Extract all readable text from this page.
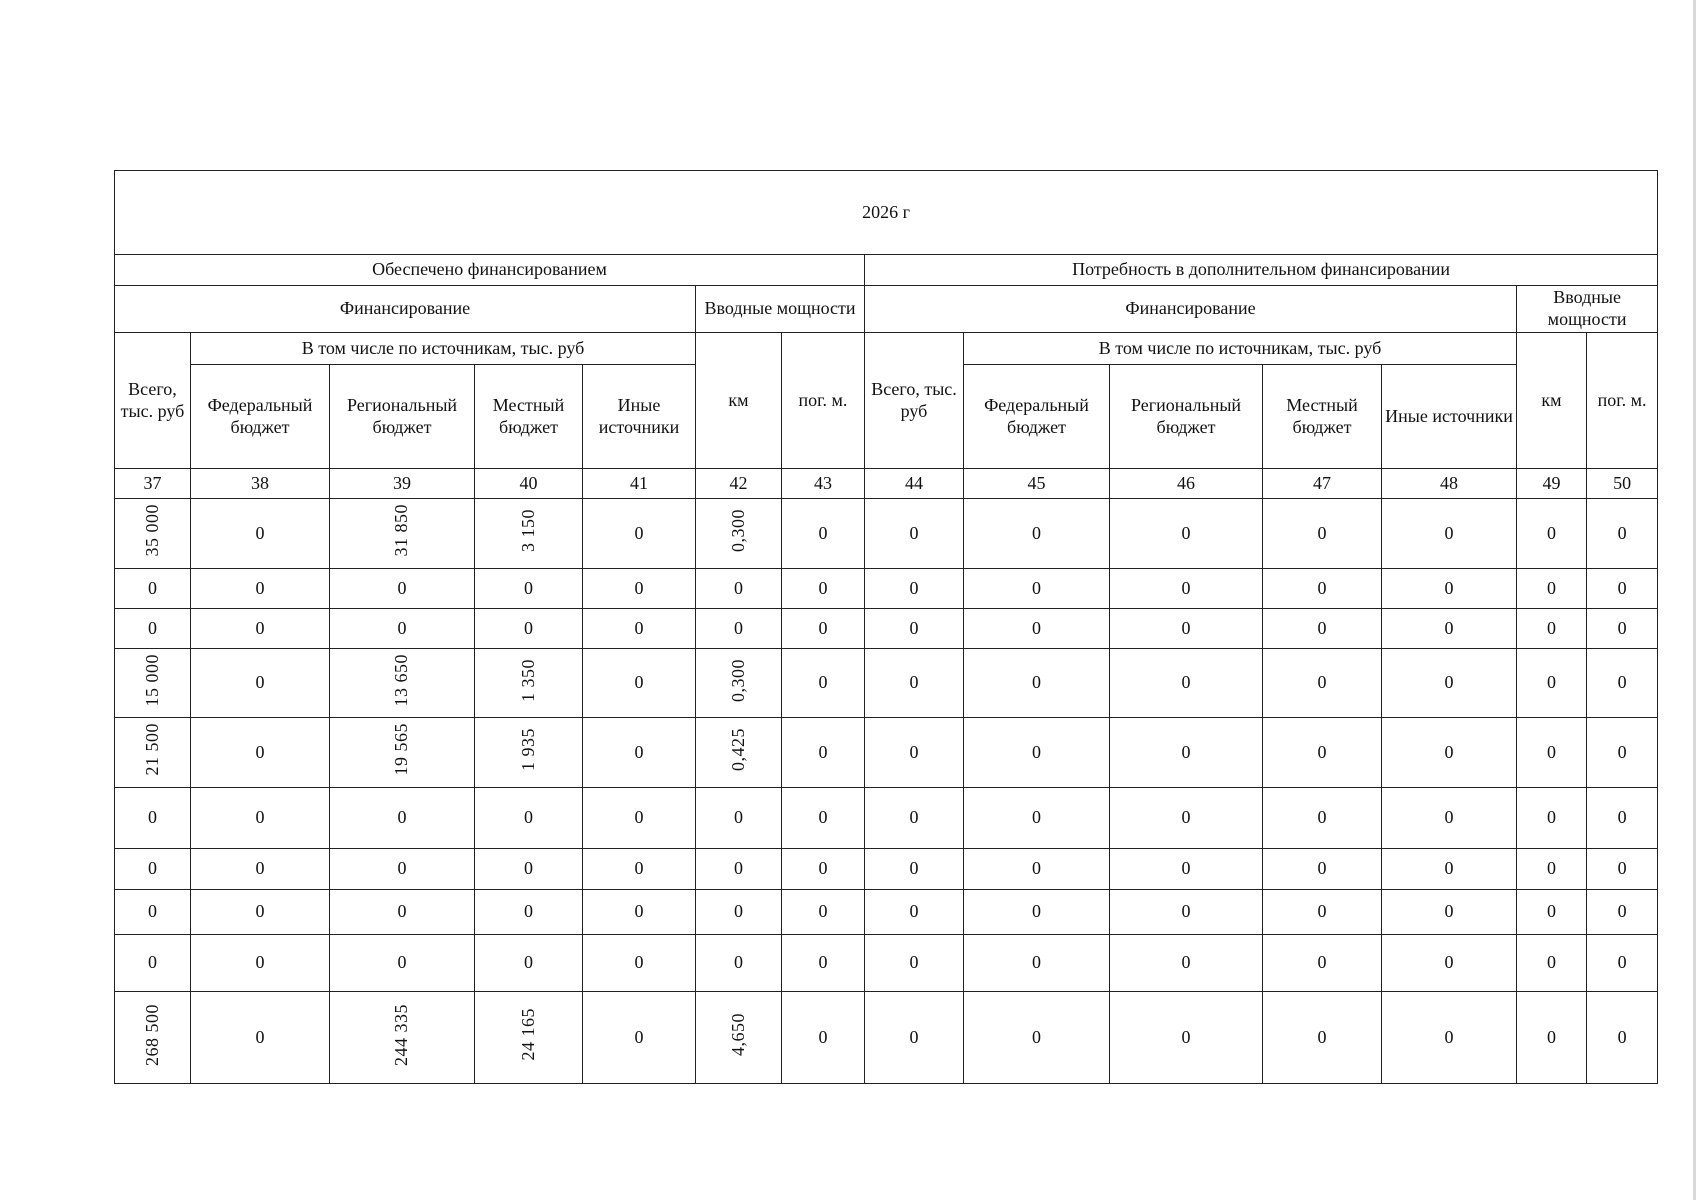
2026 г													
Обеспечено финансированием							Потребность в дополнительном финансировании						
Финансирование					Вводные мощности		Финансирование					Вводные мощности	
Всего, тыс. руб	В том числе по источникам, тыс. руб				км	пог. м.	Всего, тыс. руб	В том числе по источникам, тыс. руб				км	пог. м.
	Федеральный бюджет	Региональный бюджет	Местный бюджет	Иные источники				Федеральный бюджет	Региональный бюджет	Местный бюджет	Иные источники		
37	38	39	40	41	42	43	44	45	46	47	48	49	50
35 000	0	31 850	3 150	0	0,300	0	0	0	0	0	0	0	0
0	0	0	0	0	0	0	0	0	0	0	0	0	0
0	0	0	0	0	0	0	0	0	0	0	0	0	0
15 000	0	13 650	1 350	0	0,300	0	0	0	0	0	0	0	0
21 500	0	19 565	1 935	0	0,425	0	0	0	0	0	0	0	0
0	0	0	0	0	0	0	0	0	0	0	0	0	0
0	0	0	0	0	0	0	0	0	0	0	0	0	0
0	0	0	0	0	0	0	0	0	0	0	0	0	0
0	0	0	0	0	0	0	0	0	0	0	0	0	0
268 500	0	244 335	24 165	0	4,650	0	0	0	0	0	0	0	0
